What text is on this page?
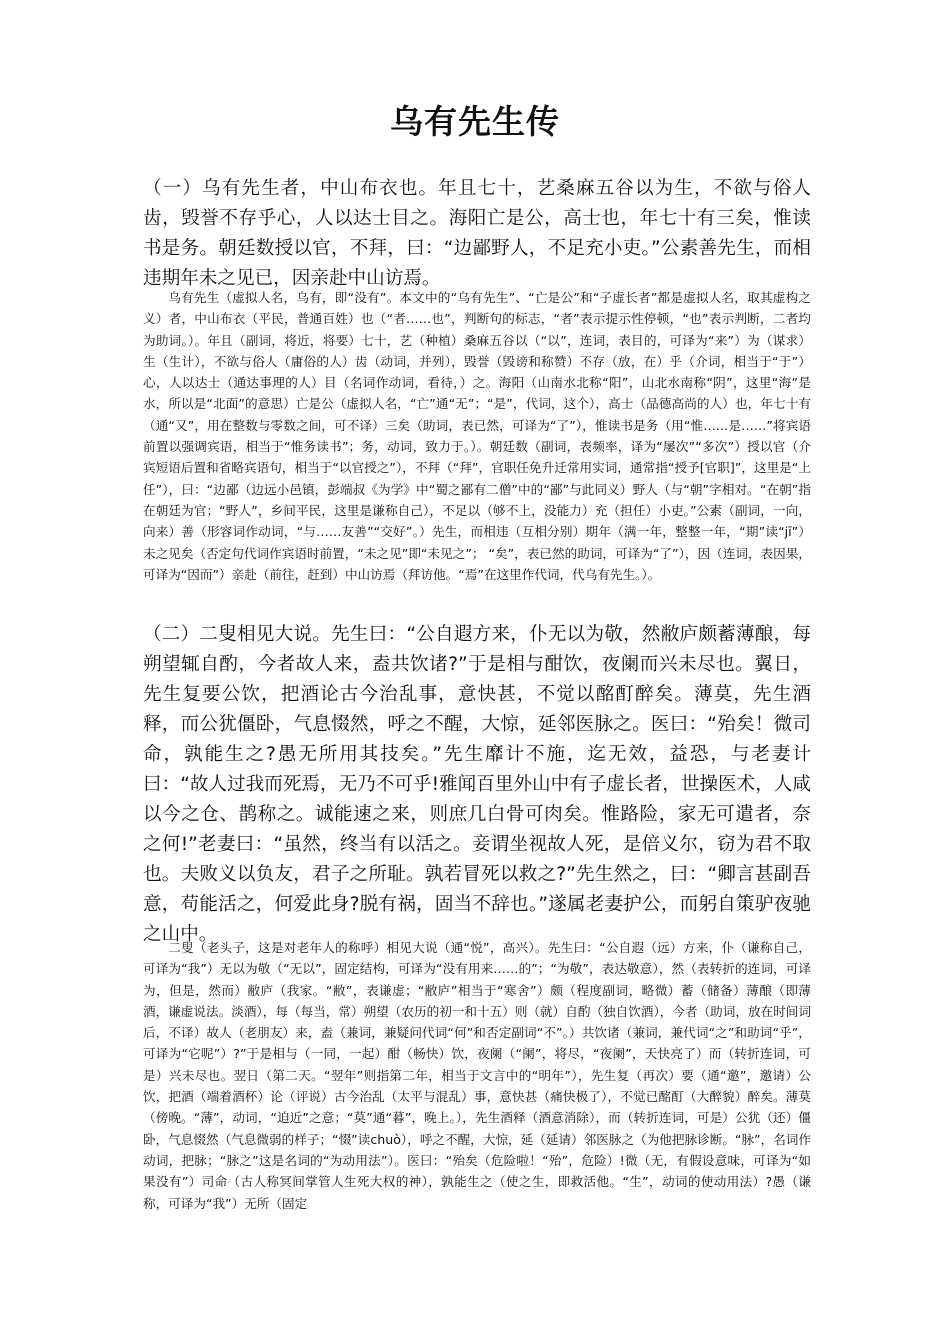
乌有先生传
（一）乌有先生者，中山布衣也。年且七十，艺桑麻五谷以为生，不欲与俗人齿，毁誉不存乎心，人以达士目之。海阳亡是公，高士也，年七十有三矣，惟读书是务。朝廷数授以官，不拜，曰：“边鄙野人，不足充小吏。”公素善先生，而相违期年未之见已，因亲赴中山访焉。
乌有先生（虚拟人名，乌有，即“没有”。本文中的“乌有先生”、“亡是公”和“子虚长者”都是虚拟人名，取其虚构之义）者，中山布衣（平民，普通百姓）也（“者……也”，判断句的标志，“者”表示提示性停顿，“也”表示判断，二者均为助词。）。年且（副词，将近，将要）七十，艺（种植）桑麻五谷以（“以”，连词，表目的，可译为“来”）为（谋求）生（生计），不欲与俗人（庸俗的人）齿（动词，并列），毁誉（毁谤和称赞）不存（放，在）乎（介词，相当于“于”）心，人以达士（通达事理的人）目（名词作动词，看待，）之。海阳（山南水北称“阳”，山北水南称“阴”，这里“海”是水，所以是“北面”的意思）亡是公（虚拟人名，“亡”通“无”；“是”，代词，这个），高士（品德高尚的人）也，年七十有（通“又”，用在整数与零数之间，可不译）三矣（助词，表已然，可译为“了”），惟读书是务（用“惟……是……”将宾语前置以强调宾语，相当于“惟务读书”；务，动词，致力于。）。朝廷数（副词，表频率，译为“屡次”“多次”）授以官（介宾短语后置和省略宾语句，相当于“以官授之”），不拜（“拜”，官职任免升迁常用实词，通常指“授予[官职]”，这里是“上任”），曰：“边鄙（边远小邑镇，彭端叔《为学》中“蜀之鄙有二僧”中的“鄙”与此同义）野人（与“朝”字相对。“在朝”指在朝廷为官；“野人”，乡间平民，这里是谦称自己），不足以（够不上，没能力）充（担任）小吏。”公素（副词，一向，向来）善（形容词作动词，“与……友善”“交好”。）先生，而相违（互相分别）期年（满一年，整整一年，“期”读“jī”）未之见矣（否定句代词作宾语时前置，“未之见”即“未见之”； “矣”，表已然的助词，可译为“了”），因（连词，表因果，可译为“因而”）亲赴（前往，赶到）中山访焉（拜访他。“焉”在这里作代词，代乌有先生。）。
（二）二叟相见大说。先生曰：“公自遐方来，仆无以为敬，然敝庐颇蓄薄酿，每朔望辄自酌，今者故人来，盍共饮诸?”于是相与酣饮，夜阑而兴未尽也。翼日，先生复要公饮，把酒论古今治乱事，意快甚，不觉以酩酊醉矣。薄莫，先生酒释，而公犹僵卧，气息惙然，呼之不醒，大惊，延邻医脉之。医曰：“殆矣！微司命，孰能生之?愚无所用其技矣。”先生靡计不施，迄无效，益恐，与老妻计曰：“故人过我而死焉，无乃不可乎!雅闻百里外山中有子虚长者，世操医术，人咸以今之仓、鹊称之。诚能速之来，则庶几白骨可肉矣。惟路险，家无可遣者，奈之何!”老妻曰：“虽然，终当有以活之。妾谓坐视故人死，是倍义尔，窃为君不取也。夫败义以负友，君子之所耻。孰若冒死以救之?”先生然之，曰：“卿言甚副吾意，苟能活之，何爱此身?脱有祸，固当不辞也。”遂属老妻护公，而躬自策驴夜驰之山中。
二叟（老头子，这是对老年人的称呼）相见大说（通“悦”，高兴）。先生曰：“公自遐（远）方来，仆（谦称自己，可译为“我”）无以为敬（“无以”，固定结构，可译为“没有用来……的”；“为敬”，表达敬意），然（表转折的连词，可译为，但是，然而）敝庐（我家。“敝”，表谦虚；“敝庐”相当于“寒舍”）颇（程度副词，略微）蓄（储备）薄酿（即薄酒，谦虚说法。淡酒），每（每当，常）朔望（农历的初一和十五）则（就）自酌（独自饮酒），今者（助词，放在时间词后，不译）故人（老朋友）来，盍（兼词，兼疑问代词“何”和否定副词“不”。）共饮诸（兼词，兼代词“之”和助词“乎”，可译为“它呢”）?”于是相与（一同，一起）酣（畅快）饮，夜阑（“阑”，将尽，“夜阑”，天快亮了）而（转折连词，可是）兴未尽也。翌日（第二天。“翌年”则指第二年，相当于文言中的“明年”），先生复（再次）要（通“邀”，邀请）公饮，把酒（端着酒杯）论（评说）古今治乱（太平与混乱）事，意快甚（痛快极了），不觉已酩酊（大醉貌）醉矣。薄莫（傍晚。“薄”，动词，“迫近”之意；“莫”通“暮”，晚上。），先生酒释（酒意消除），而（转折连词，可是）公犹（还）僵卧，气息惙然（气息微弱的样子；“惙”读chuò），呼之不醒，大惊，延（延请）邻医脉之（为他把脉诊断。“脉”，名词作动词，把脉；“脉之”这是名词的“为动用法”）。医曰：“殆矣（危险啦！“殆”，危险）!微（无，有假设意味，可译为“如果没有”）司命（古人称冥间掌管人生死大权的神），孰能生之（使之生，即救活他。“生”，动词的使动用法）?愚（谦称，可译为“我”）无所（固定
